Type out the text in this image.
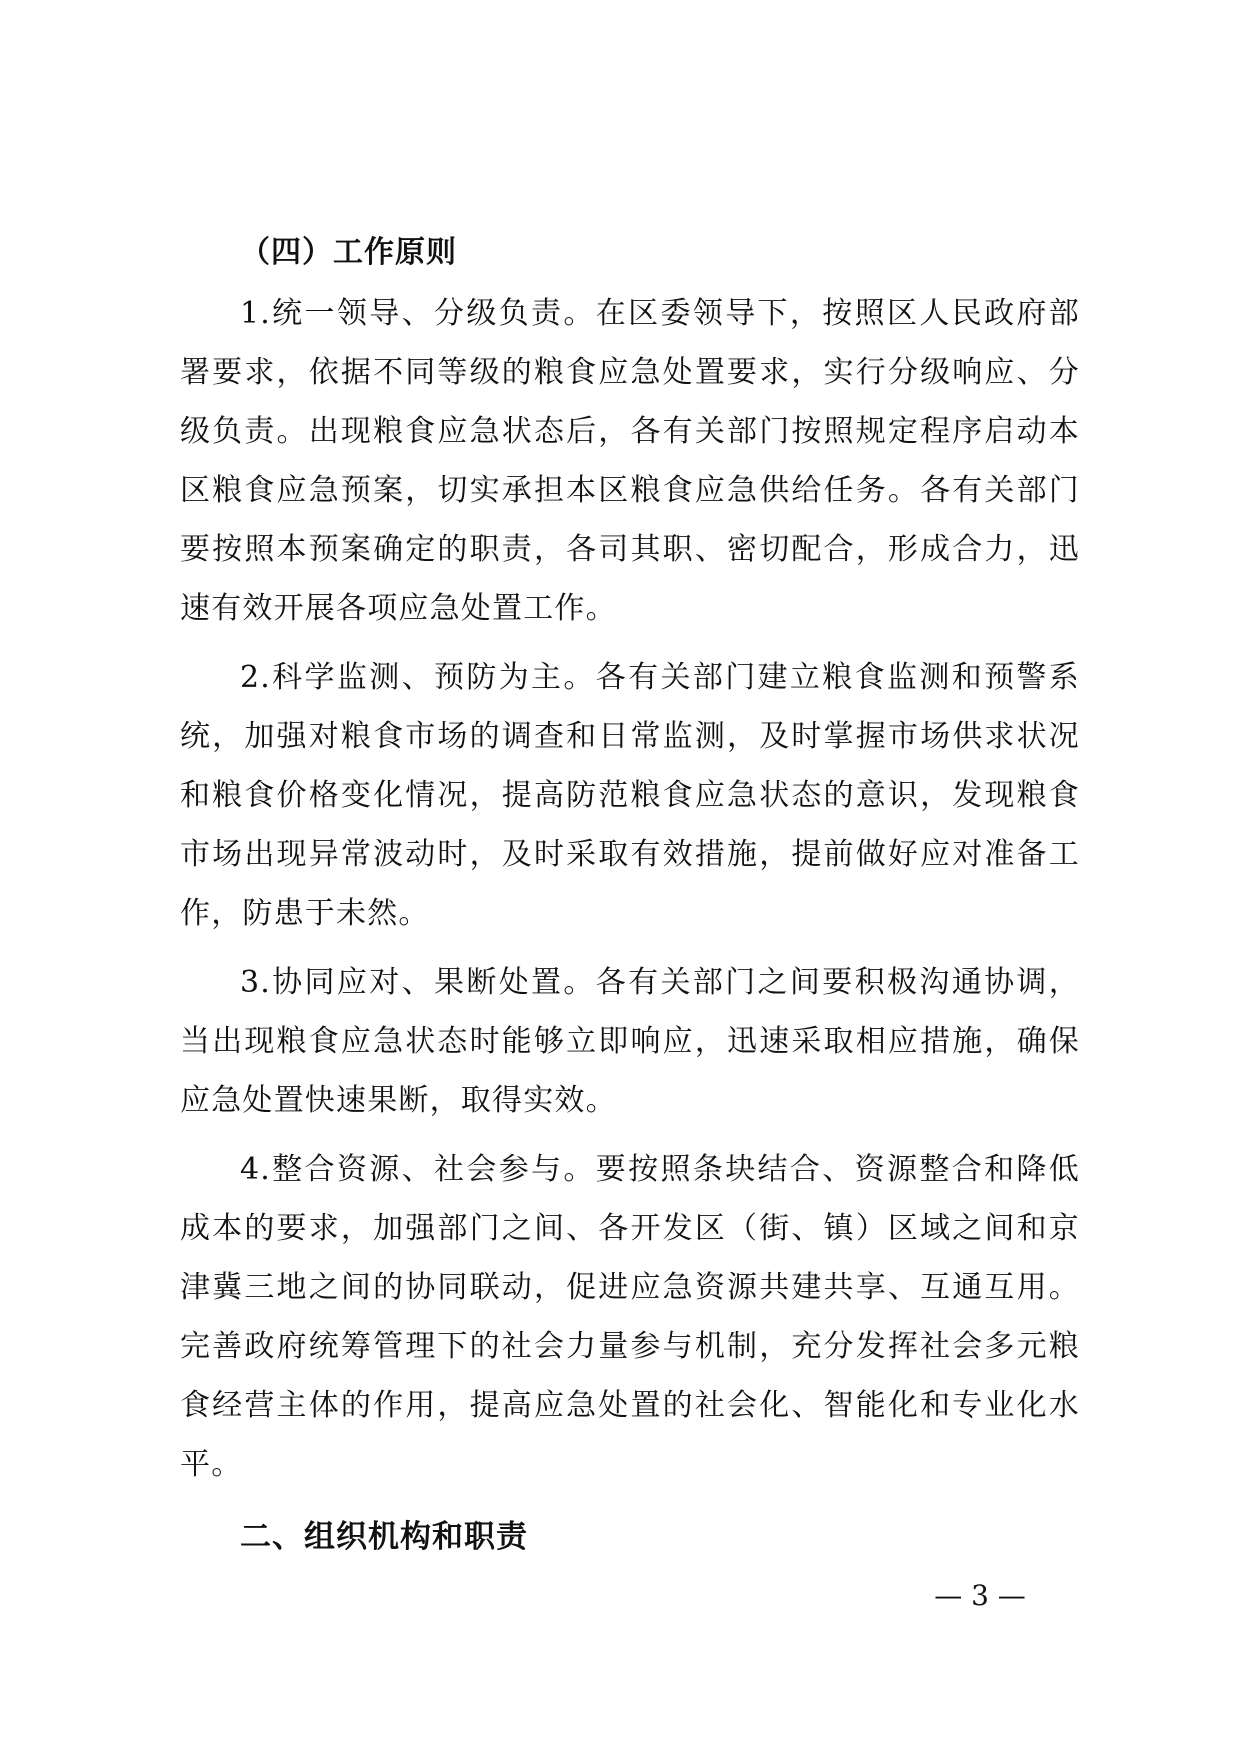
（四）工作原则

1.统一领导、分级负责。在区委领导下，按照区人民政府部署要求，依据不同等级的粮食应急处置要求，实行分级响应、分级负责。出现粮食应急状态后，各有关部门按照规定程序启动本区粮食应急预案，切实承担本区粮食应急供给任务。各有关部门要按照本预案确定的职责，各司其职、密切配合，形成合力，迅速有效开展各项应急处置工作。

2.科学监测、预防为主。各有关部门建立粮食监测和预警系统，加强对粮食市场的调查和日常监测，及时掌握市场供求状况和粮食价格变化情况，提高防范粮食应急状态的意识，发现粮食市场出现异常波动时，及时采取有效措施，提前做好应对准备工作，防患于未然。

3.协同应对、果断处置。各有关部门之间要积极沟通协调，当出现粮食应急状态时能够立即响应，迅速采取相应措施，确保应急处置快速果断，取得实效。

4.整合资源、社会参与。要按照条块结合、资源整合和降低成本的要求，加强部门之间、各开发区（街、镇）区域之间和京津冀三地之间的协同联动，促进应急资源共建共享、互通互用。完善政府统筹管理下的社会力量参与机制，充分发挥社会多元粮食经营主体的作用，提高应急处置的社会化、智能化和专业化水平。

二、组织机构和职责

— 3 —
